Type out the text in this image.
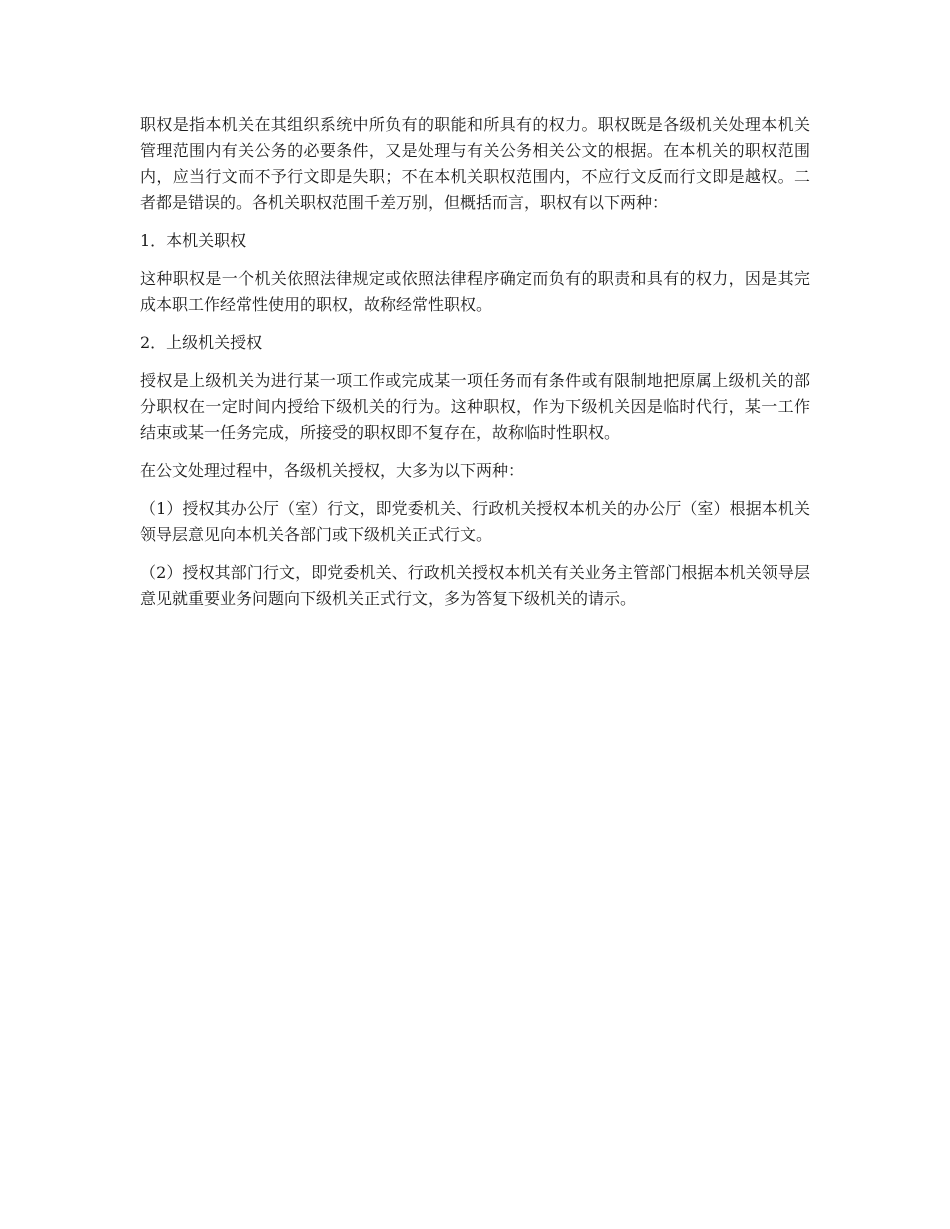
职权是指本机关在其组织系统中所负有的职能和所具有的权力。职权既是各级机关处理本机关管理范围内有关公务的必要条件，又是处理与有关公务相关公文的根据。在本机关的职权范围内，应当行文而不予行文即是失职；不在本机关职权范围内，不应行文反而行文即是越权。二者都是错误的。各机关职权范围千差万别，但概括而言，职权有以下两种：

1．本机关职权

这种职权是一个机关依照法律规定或依照法律程序确定而负有的职责和具有的权力，因是其完成本职工作经常性使用的职权，故称经常性职权。

2．上级机关授权

授权是上级机关为进行某一项工作或完成某一项任务而有条件或有限制地把原属上级机关的部分职权在一定时间内授给下级机关的行为。这种职权，作为下级机关因是临时代行，某一工作结束或某一任务完成，所接受的职权即不复存在，故称临时性职权。

在公文处理过程中，各级机关授权，大多为以下两种：

（1）授权其办公厅（室）行文，即党委机关、行政机关授权本机关的办公厅（室）根据本机关领导层意见向本机关各部门或下级机关正式行文。

（2）授权其部门行文，即党委机关、行政机关授权本机关有关业务主管部门根据本机关领导层意见就重要业务问题向下级机关正式行文，多为答复下级机关的请示。
